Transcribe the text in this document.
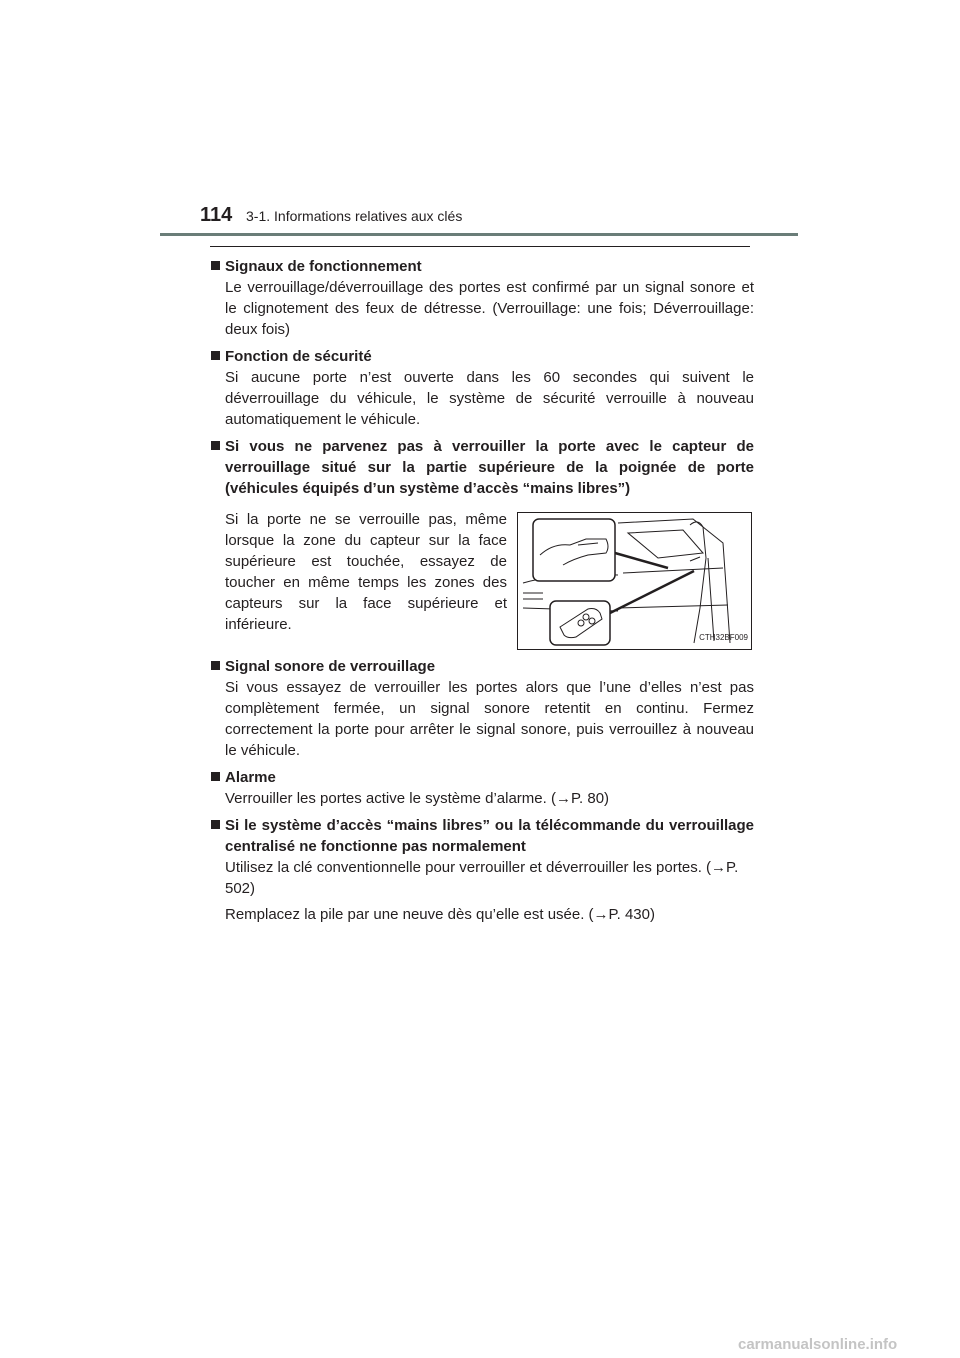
114 3-1. Informations relatives aux clés
Signaux de fonctionnement

Le verrouillage/déverrouillage des portes est confirmé par un signal sonore et le clignotement des feux de détresse. (Verrouillage: une fois; Déverrouillage: deux fois)

Fonction de sécurité

Si aucune porte n’est ouverte dans les 60 secondes qui suivent le déverrouillage du véhicule, le système de sécurité verrouille à nouveau automatiquement le véhicule.

Si vous ne parvenez pas à verrouiller la porte avec le capteur de verrouillage situé sur la partie supérieure de la poignée de porte (véhicules équipés d’un système d’accès “mains libres”)
Si la porte ne se verrouille pas, même lorsque la zone du capteur sur la face supérieure est touchée, essayez de toucher en même temps les zones des capteurs sur la face supérieure et inférieure.
CTH32BF009
Signal sonore de verrouillage

Si vous essayez de verrouiller les portes alors que l’une d’elles n’est pas complètement fermée, un signal sonore retentit en continu. Fermez correctement la porte pour arrêter le signal sonore, puis verrouillez à nouveau le véhicule.

Alarme

Verrouiller les portes active le système d’alarme. (→P. 80)

Si le système d’accès “mains libres” ou la télécommande du verrouillage centralisé ne fonctionne pas normalement

Utilisez la clé conventionnelle pour verrouiller et déverrouiller les portes. (→P. 502)

Remplacez la pile par une neuve dès qu’elle est usée. (→P. 430)

carmanualsonline.info
